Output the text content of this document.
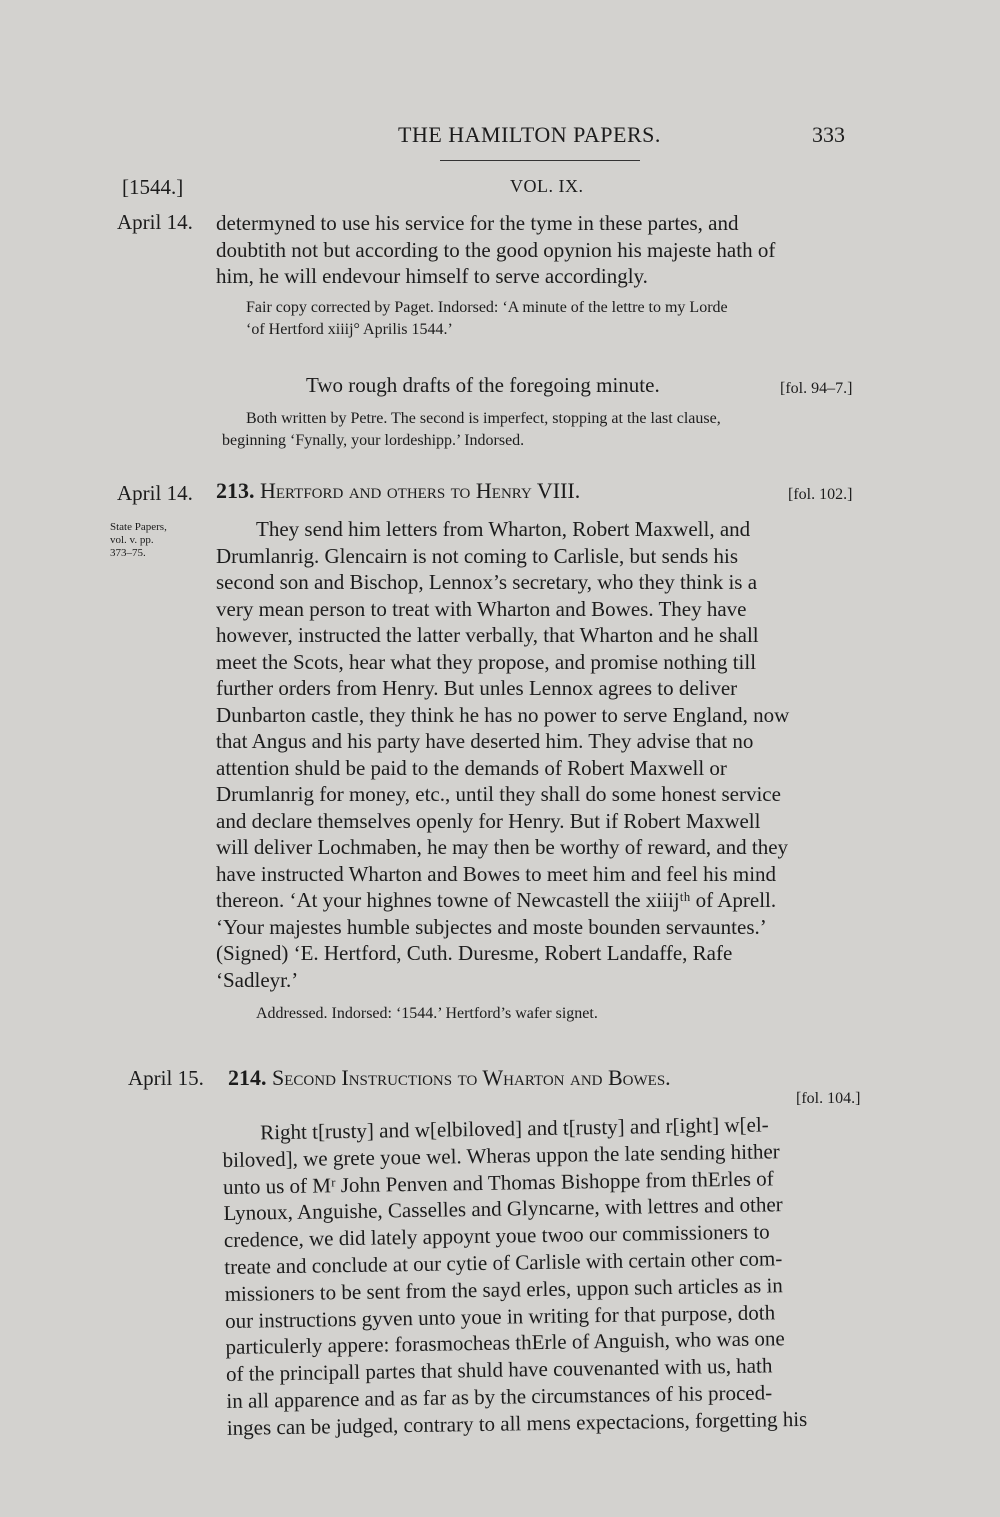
THE HAMILTON PAPERS.	333
[1544.]	VOL. IX.
April 14. determyned to use his service for the tyme in these partes, and
doubtith not but according to the good opynion his majeste hath of
him, he will endevour himself to serve accordingly.
Fair copy corrected by Paget. Indorsed: ‘A minute of the lettre to my Lorde
‘of Hertford xiiij° Aprilis 1544.’
Two rough drafts of the foregoing minute.	[fol. 94–7.]
Both written by Petre. The second is imperfect, stopping at the last clause,
beginning ‘Fynally, your lordeshipp.’ Indorsed.
April 14. 213. Hertford and others to Henry VIII.	[fol. 102.]
State Papers,
vol. v. pp.
373–75.
They send him letters from Wharton, Robert Maxwell, and
Drumlanrig. Glencairn is not coming to Carlisle, but sends his
second son and Bischop, Lennox’s secretary, who they think is a
very mean person to treat with Wharton and Bowes. They have
however, instructed the latter verbally, that Wharton and he shall
meet the Scots, hear what they propose, and promise nothing till
further orders from Henry. But unles Lennox agrees to deliver
Dunbarton castle, they think he has no power to serve England, now
that Angus and his party have deserted him. They advise that no
attention shuld be paid to the demands of Robert Maxwell or
Drumlanrig for money, etc., until they shall do some honest service
and declare themselves openly for Henry. But if Robert Maxwell
will deliver Lochmaben, he may then be worthy of reward, and they
have instructed Wharton and Bowes to meet him and feel his mind
thereon. ‘At your highnes towne of Newcastell the xiiijᵗʰ of Aprell.
‘Your majestes humble subjectes and moste bounden servauntes.’
(Signed) ‘E. Hertford, Cuth. Duresme, Robert Landaffe, Rafe
‘Sadleyr.’
Addressed. Indorsed: ‘1544.’ Hertford’s wafer signet.
April 15. 214. Second Instructions to Wharton and Bowes.
[fol. 104.]
Right t[rusty] and w[elbiloved] and t[rusty] and r[ight] w[el-
biloved], we grete youe wel. Wheras uppon the late sending hither
unto us of Mʳ John Penven and Thomas Bishoppe from thErles of
Lynoux, Anguishe, Casselles and Glyncarne, with lettres and other
credence, we did lately appoynt youe twoo our commissioners to
treate and conclude at our cytie of Carlisle with certain other com-
missioners to be sent from the sayd erles, uppon such articles as in
our instructions gyven unto youe in writing for that purpose, doth
particulerly appere: forasmocheas thErle of Anguish, who was one
of the principall partes that shuld have couvenanted with us, hath
in all apparence and as far as by the circumstances of his proced-
inges can be judged, contrary to all mens expectacions, forgetting his
